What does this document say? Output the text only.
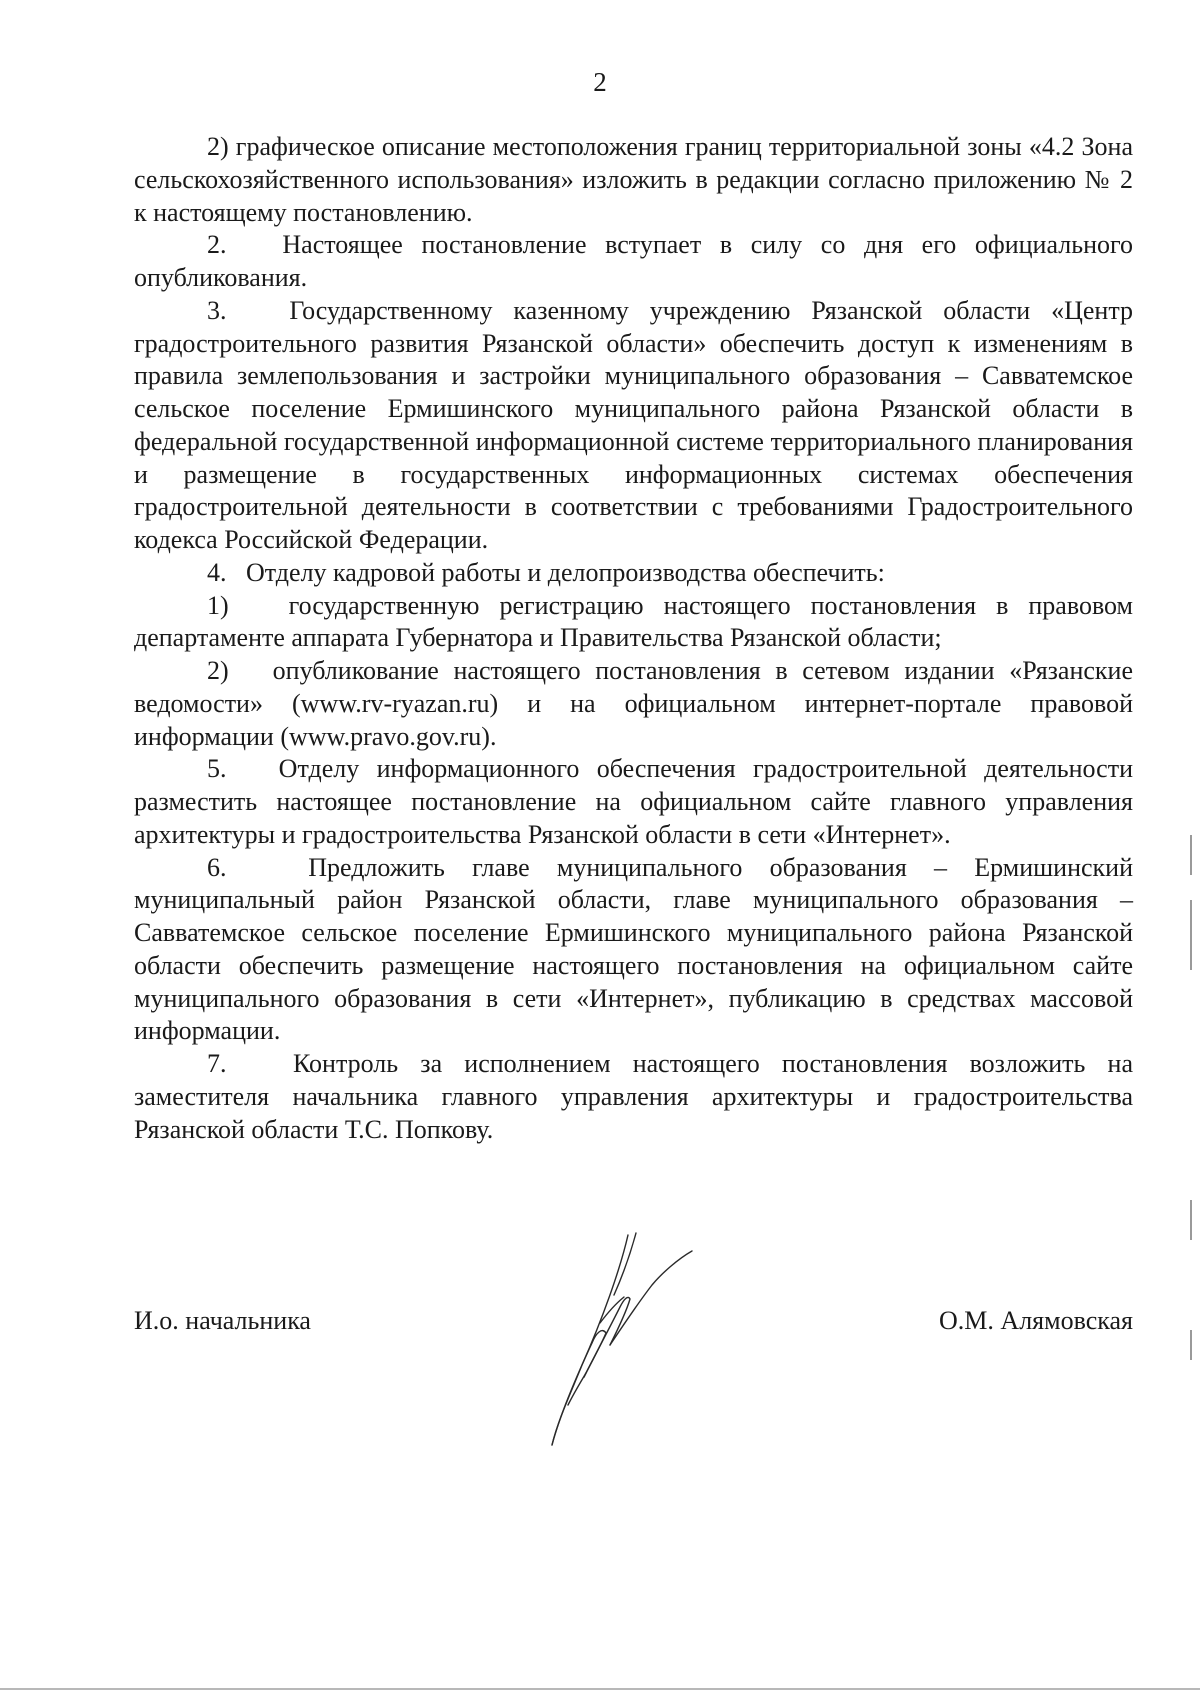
2

2) графическое описание местоположения границ территориальной зоны «4.2 Зона сельскохозяйственного использования» изложить в редакции согласно приложению № 2 к настоящему постановлению.

2.   Настоящее постановление вступает в силу со дня его официального опубликования.

3.   Государственному казенному учреждению Рязанской области «Центр градостроительного развития Рязанской области» обеспечить доступ к изменениям в правила землепользования и застройки муниципального образования – Савватемское сельское поселение Ермишинского муниципального района Рязанской области в федеральной государственной информационной системе территориального планирования и размещение в государственных информационных системах обеспечения градостроительной деятельности в соответствии с требованиями Градостроительного кодекса Российской Федерации.

4.   Отделу кадровой работы и делопроизводства обеспечить:

1)   государственную регистрацию настоящего постановления в правовом департаменте аппарата Губернатора и Правительства Рязанской области;

2)   опубликование настоящего постановления в сетевом издании «Рязанские ведомости» (www.rv-ryazan.ru) и на официальном интернет-портале правовой информации (www.pravo.gov.ru).

5.   Отделу информационного обеспечения градостроительной деятельности разместить настоящее постановление на официальном сайте главного управления архитектуры и градостроительства Рязанской области в сети «Интернет».

6.   Предложить главе муниципального образования – Ермишинский муниципальный район Рязанской области, главе муниципального образования – Савватемское сельское поселение Ермишинского муниципального района Рязанской области обеспечить размещение настоящего постановления на официальном сайте муниципального образования в сети «Интернет», публикацию в средствах массовой информации.

7.   Контроль за исполнением настоящего постановления возложить на заместителя начальника главного управления архитектуры и градостроительства Рязанской области Т.С. Попкову.

И.о. начальника	О.М. Алямовская
